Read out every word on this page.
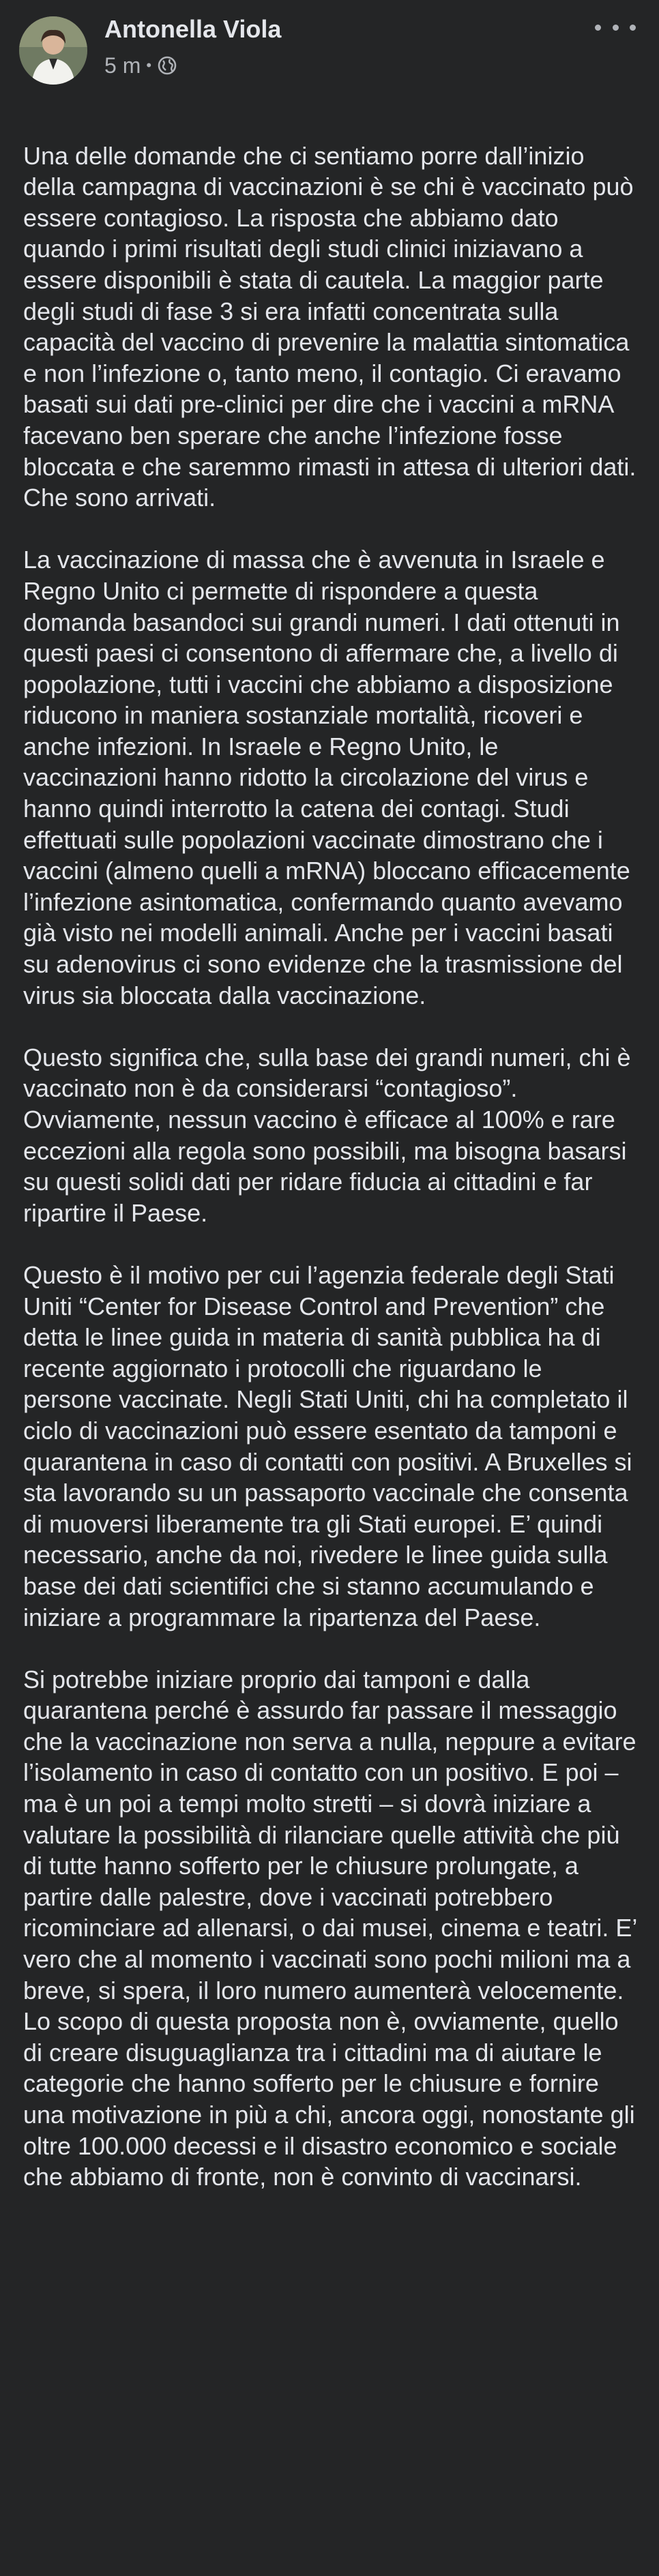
Antonella Viola
5 m •

Una delle domande che ci sentiamo porre dall’inizio della campagna di vaccinazioni è se chi è vaccinato può essere contagioso. La risposta che abbiamo dato quando i primi risultati degli studi clinici iniziavano a essere disponibili è stata di cautela. La maggior parte degli studi di fase 3 si era infatti concentrata sulla capacità del vaccino di prevenire la malattia sintomatica e non l’infezione o, tanto meno, il contagio. Ci eravamo basati sui dati pre-clinici per dire che i vaccini a mRNA facevano ben sperare che anche l’infezione fosse bloccata e che saremmo rimasti in attesa di ulteriori dati. Che sono arrivati.

La vaccinazione di massa che è avvenuta in Israele e Regno Unito ci permette di rispondere a questa domanda basandoci sui grandi numeri. I dati ottenuti in questi paesi ci consentono di affermare che, a livello di popolazione, tutti i vaccini che abbiamo a disposizione riducono in maniera sostanziale mortalità, ricoveri e anche infezioni. In Israele e Regno Unito, le vaccinazioni hanno ridotto la circolazione del virus e hanno quindi interrotto la catena dei contagi. Studi effettuati sulle popolazioni vaccinate dimostrano che i vaccini (almeno quelli a mRNA) bloccano efficacemente l’infezione asintomatica, confermando quanto avevamo già visto nei modelli animali. Anche per i vaccini basati su adenovirus ci sono evidenze che la trasmissione del virus sia bloccata dalla vaccinazione.

Questo significa che, sulla base dei grandi numeri, chi è vaccinato non è da considerarsi “contagioso”. Ovviamente, nessun vaccino è efficace al 100% e rare eccezioni alla regola sono possibili, ma bisogna basarsi su questi solidi dati per ridare fiducia ai cittadini e far ripartire il Paese.

Questo è il motivo per cui l’agenzia federale degli Stati Uniti “Center for Disease Control and Prevention” che detta le linee guida in materia di sanità pubblica ha di recente aggiornato i protocolli che riguardano le persone vaccinate. Negli Stati Uniti, chi ha completato il ciclo di vaccinazioni può essere esentato da tamponi e quarantena in caso di contatti con positivi. A Bruxelles si sta lavorando su un passaporto vaccinale che consenta di muoversi liberamente tra gli Stati europei. E’ quindi necessario, anche da noi, rivedere le linee guida sulla base dei dati scientifici che si stanno accumulando e iniziare a programmare la ripartenza del Paese.

Si potrebbe iniziare proprio dai tamponi e dalla quarantena perché è assurdo far passare il messaggio che la vaccinazione non serva a nulla, neppure a evitare l’isolamento in caso di contatto con un positivo. E poi – ma è un poi a tempi molto stretti – si dovrà iniziare a valutare la possibilità di rilanciare quelle attività che più di tutte hanno sofferto per le chiusure prolungate, a partire dalle palestre, dove i vaccinati potrebbero ricominciare ad allenarsi, o dai musei, cinema e teatri. E’ vero che al momento i vaccinati sono pochi milioni ma a breve, si spera, il loro numero aumenterà velocemente. Lo scopo di questa proposta non è, ovviamente, quello di creare disuguaglianza tra i cittadini ma di aiutare le categorie che hanno sofferto per le chiusure e fornire una motivazione in più a chi, ancora oggi, nonostante gli oltre 100.000 decessi e il disastro economico e sociale che abbiamo di fronte, non è convinto di vaccinarsi.
